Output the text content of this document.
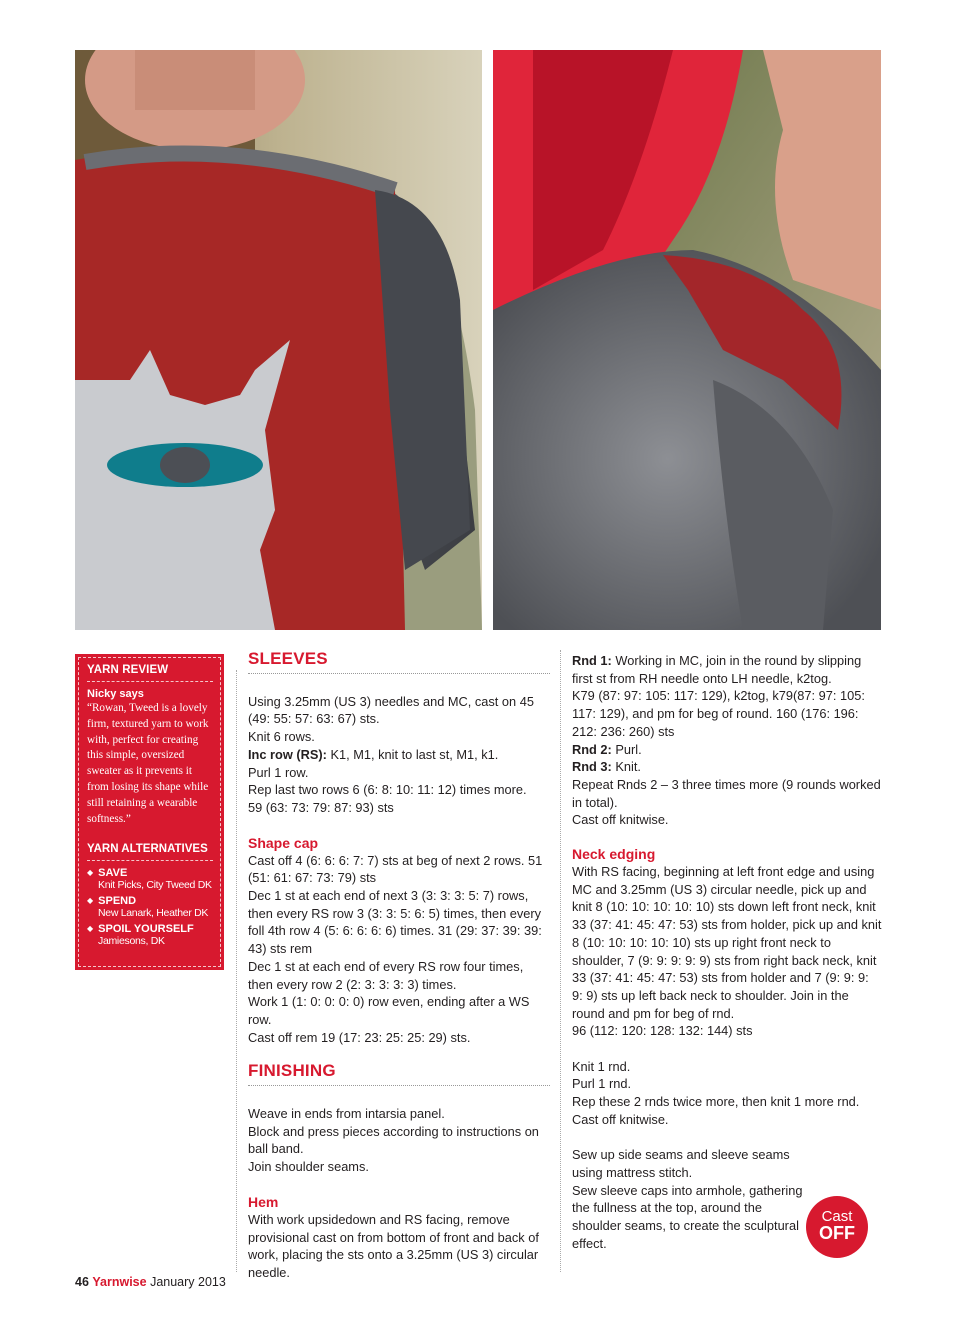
YARN REVIEW
Nicky says
“Rowan, Tweed is a lovely firm, textured yarn to work with, perfect for creating this simple, oversized sweater as it prevents it from losing its shape while still retaining a wearable softness.”
YARN ALTERNATIVES
◆ SAVE
Knit Picks, City Tweed DK
◆ SPEND
New Lanark, Heather DK
◆ SPOIL YOURSELF
Jamiesons, DK
SLEEVES

Using 3.25mm (US 3) needles and MC, cast on 45 (49: 55: 57: 63: 67) sts.

Knit 6 rows.

Inc row (RS): K1, M1, knit to last st, M1, k1.

Purl 1 row.

Rep last two rows 6 (6: 8: 10: 11: 12) times more.

59 (63: 73: 79: 87: 93) sts

Shape cap

Cast off 4 (6: 6: 6: 7: 7) sts at beg of next 2 rows. 51 (51: 61: 67: 73: 79) sts

Dec 1 st at each end of next 3 (3: 3: 3: 5: 7) rows, then every RS row 3 (3: 3: 5: 6: 5) times, then every foll 4th row 4 (5: 6: 6: 6: 6) times. 31 (29: 37: 39: 39: 43) sts rem

Dec 1 st at each end of every RS row four times, then every row 2 (2: 3: 3: 3: 3) times.

Work 1 (1: 0: 0: 0: 0) row even, ending after a WS row.

Cast off rem 19 (17: 23: 25: 25: 29) sts.

FINISHING

Weave in ends from intarsia panel.

Block and press pieces according to instructions on ball band.

Join shoulder seams.

Hem

With work upsidedown and RS facing, remove provisional cast on from bottom of front and back of work, placing the sts onto a 3.25mm (US 3) circular needle.

Rnd 1: Working in MC, join in the round by slipping first st from RH needle onto LH needle, k2tog.

K79 (87: 97: 105: 117: 129), k2tog, k79(87: 97: 105: 117: 129), and pm for beg of round. 160 (176: 196: 212: 236: 260) sts

Rnd 2: Purl.

Rnd 3: Knit.

Repeat Rnds 2 – 3 three times more (9 rounds worked in total).

Cast off knitwise.

Neck edging

With RS facing, beginning at left front edge and using MC and 3.25mm (US 3) circular needle, pick up and knit 8 (10: 10: 10: 10: 10) sts down left front neck, knit 33 (37: 41: 45: 47: 53) sts from holder, pick up and knit 8 (10: 10: 10: 10: 10) sts up right front neck to shoulder, 7 (9: 9: 9: 9: 9) sts from right back neck, knit 33 (37: 41: 45: 47: 53) sts from holder and 7 (9: 9: 9: 9: 9) sts up left back neck to shoulder. Join in the round and pm for beg of rnd.

96 (112: 120: 128: 132: 144) sts

Knit 1 rnd.

Purl 1 rnd.

Rep these 2 rnds twice more, then knit 1 more rnd.

Cast off knitwise.

Sew up side seams and sleeve seams using mattress stitch.

Sew sleeve caps into armhole, gathering the fullness at the top, around the shoulder seams, to create the sculptural effect.

Cast
OFF
46 Yarnwise January 2013
